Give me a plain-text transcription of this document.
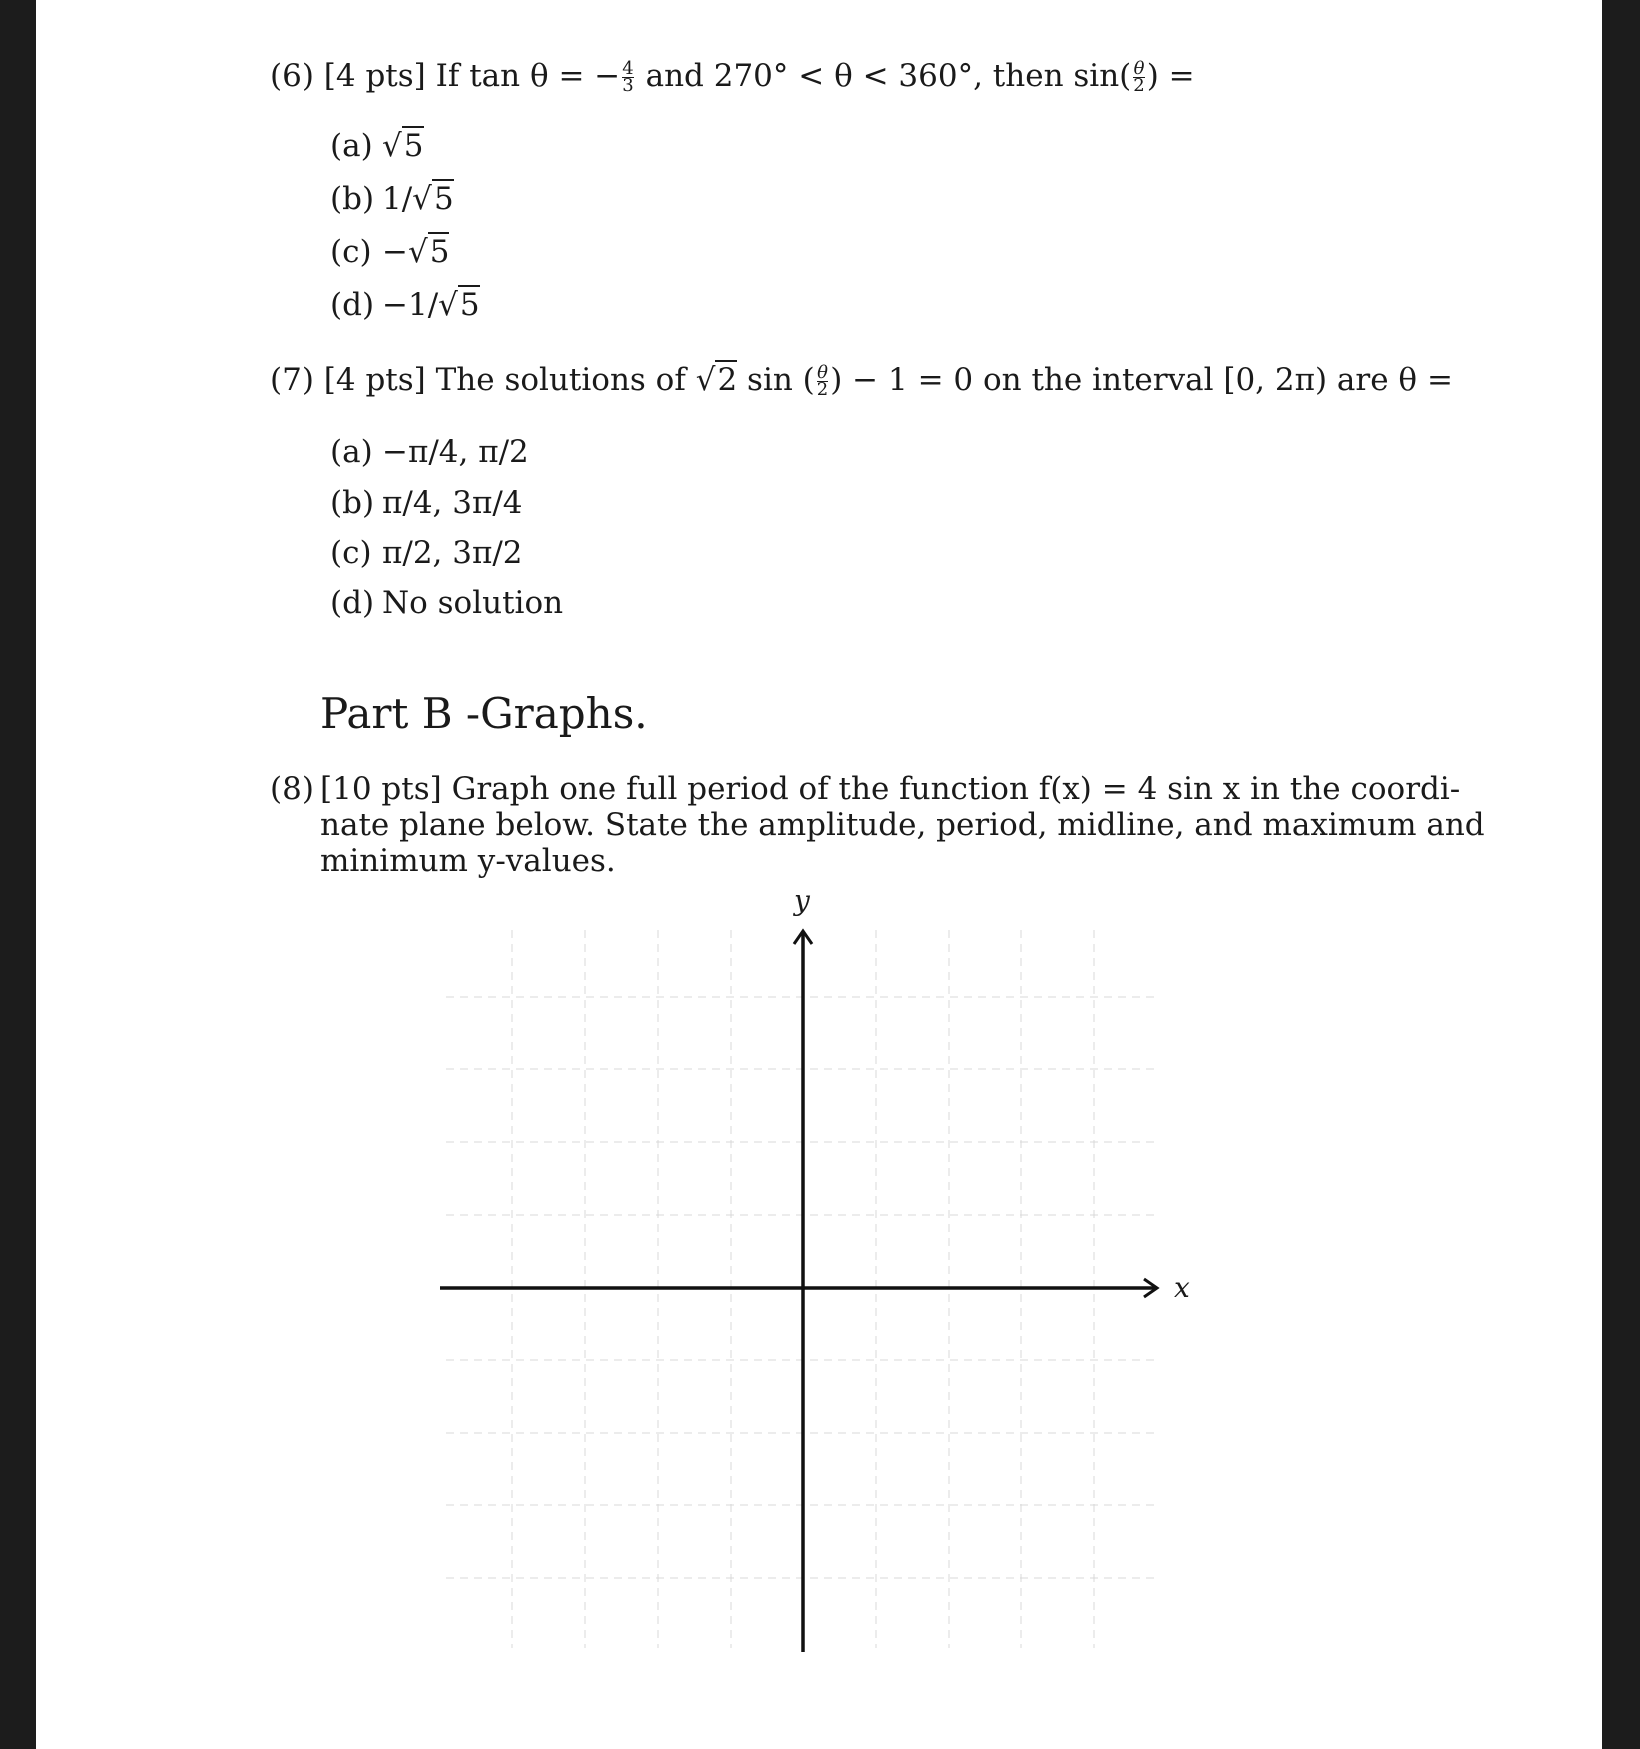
(6) [4 pts] If tan θ = − $\frac{4}{3}$ and 270° < θ < 360°, then $\sin( \frac{\theta}{2}$ ) =
(a) √5
(b) 1/√5
(c) −√5
(d) −1/√5
(7) [4 pts] The solutions of √2 sin ( $\frac{\theta}{2}$ ) − 1 = 0 on the interval [0, 2π) are θ =
(a) −π/4, π/2
(b) π/4, 3π/4
(c) π/2, 3π/2
(d) No solution
Part B -Graphs.
(8) [10 pts] Graph one full period of the function f(x) = 4 sin x in the coordi-
nate plane below. State the amplitude, period, midline, and maximum and
minimum y-values.
x
y
